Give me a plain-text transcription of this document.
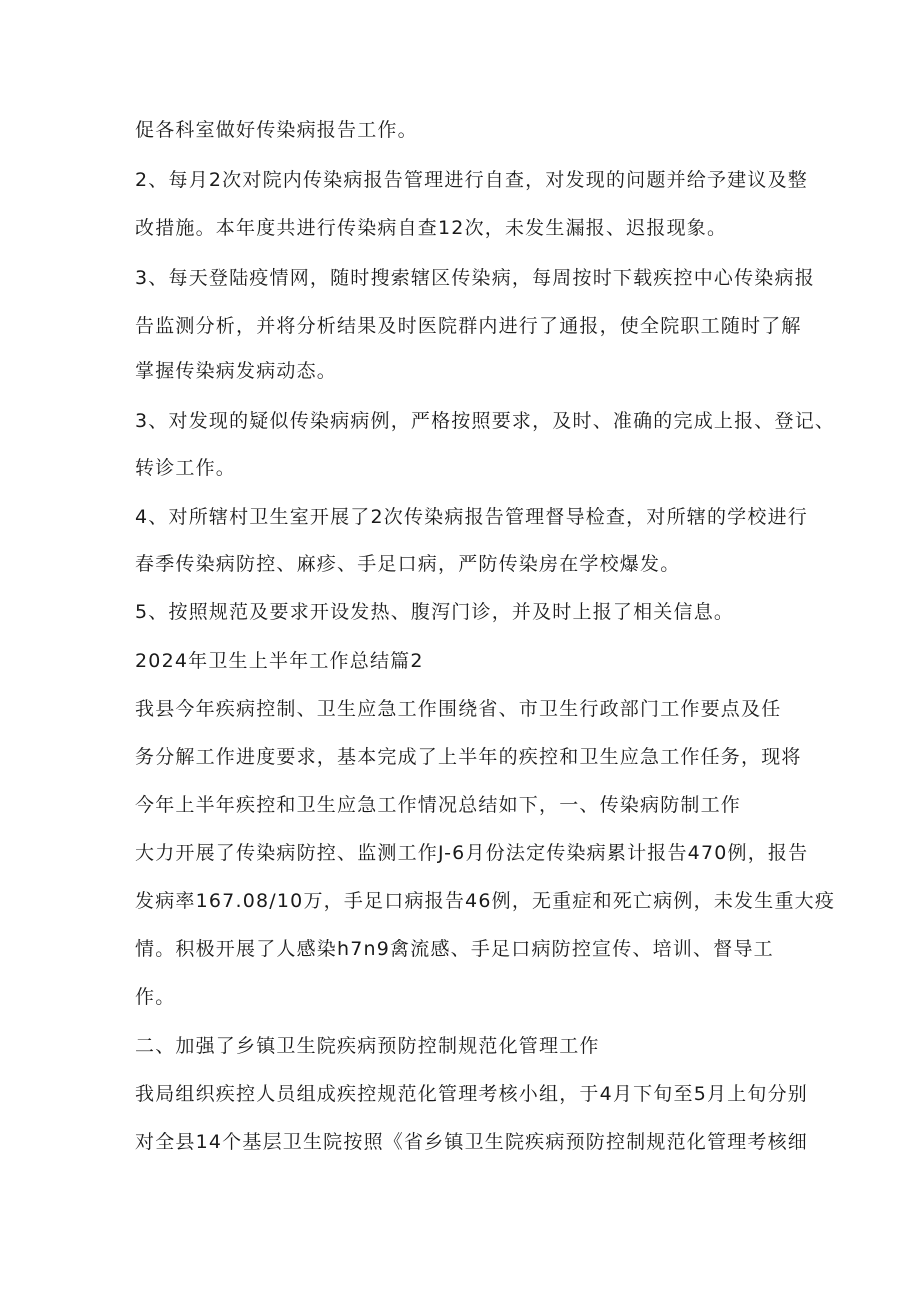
促各科室做好传染病报告工作。
2、每月2次对院内传染病报告管理进行自查，对发现的问题并给予建议及整
改措施。本年度共进行传染病自查12次，未发生漏报、迟报现象。
3、每天登陆疫情网，随时搜索辖区传染病，每周按时下载疾控中心传染病报
告监测分析，并将分析结果及时医院群内进行了通报，使全院职工随时了解
掌握传染病发病动态。
3、对发现的疑似传染病病例，严格按照要求，及时、准确的完成上报、登记、
转诊工作。
4、对所辖村卫生室开展了2次传染病报告管理督导检查，对所辖的学校进行
春季传染病防控、麻疹、手足口病，严防传染房在学校爆发。
5、按照规范及要求开设发热、腹泻门诊，并及时上报了相关信息。
2024年卫生上半年工作总结篇2
我县今年疾病控制、卫生应急工作围绕省、市卫生行政部门工作要点及任
务分解工作进度要求，基本完成了上半年的疾控和卫生应急工作任务，现将
今年上半年疾控和卫生应急工作情况总结如下，一、传染病防制工作
大力开展了传染病防控、监测工作J-6月份法定传染病累计报告470例，报告
发病率167.08/10万，手足口病报告46例，无重症和死亡病例，未发生重大疫
情。积极开展了人感染h7n9禽流感、手足口病防控宣传、培训、督导工
作。
二、加强了乡镇卫生院疾病预防控制规范化管理工作
我局组织疾控人员组成疾控规范化管理考核小组，于4月下旬至5月上旬分别
对全县14个基层卫生院按照《省乡镇卫生院疾病预防控制规范化管理考核细
